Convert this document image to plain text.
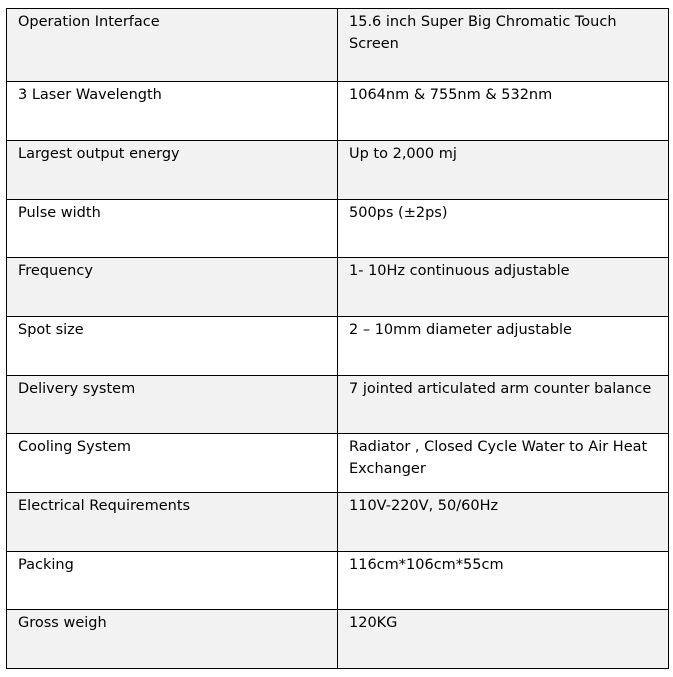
Operation Interface	15.6 inch Super Big Chromatic Touch Screen
3 Laser Wavelength	1064nm & 755nm & 532nm
Largest output energy	Up to 2,000 mj
Pulse width	500ps (±2ps)
Frequency	1- 10Hz continuous adjustable
Spot size	2 – 10mm diameter adjustable
Delivery system	7 jointed articulated arm counter balance
Cooling System	Radiator , Closed Cycle Water to Air Heat Exchanger
Electrical Requirements	110V-220V, 50/60Hz
Packing	116cm*106cm*55cm
Gross weigh	120KG
